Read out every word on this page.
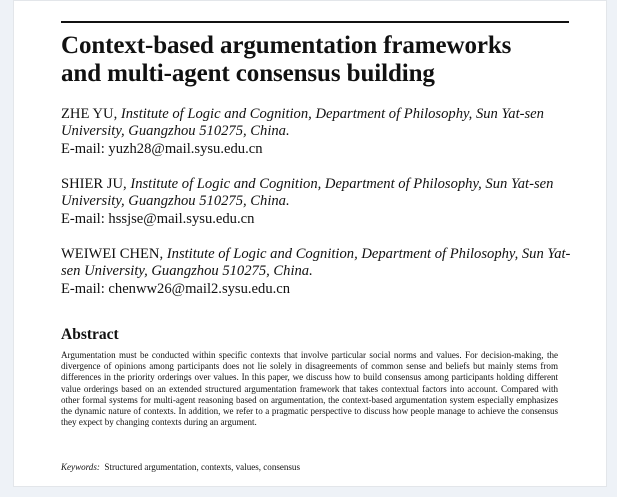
Context-based argumentation frameworks
and multi-agent consensus building
ZHE YU, Institute of Logic and Cognition, Department of Philosophy, Sun Yat-sen University, Guangzhou 510275, China.
E-mail: yuzh28@mail.sysu.edu.cn
SHIER JU, Institute of Logic and Cognition, Department of Philosophy, Sun Yat-sen University, Guangzhou 510275, China.
E-mail: hssjse@mail.sysu.edu.cn
WEIWEI CHEN, Institute of Logic and Cognition, Department of Philosophy, Sun Yat-sen University, Guangzhou 510275, China.
E-mail: chenww26@mail2.sysu.edu.cn
Abstract

Argumentation must be conducted within specific contexts that involve particular social norms and values. For decision-making, the divergence of opinions among participants does not lie solely in disagreements of common sense and beliefs but mainly stems from differences in the priority orderings over values. In this paper, we discuss how to build consensus among participants holding different value orderings based on an extended structured argumentation framework that takes contextual factors into account. Compared with other formal systems for multi-agent reasoning based on argumentation, the context-based argumentation system especially emphasizes the dynamic nature of contexts. In addition, we refer to a pragmatic perspective to discuss how people manage to achieve the consensus they expect by changing contexts during an argument.

Keywords: Structured argumentation, contexts, values, consensus
